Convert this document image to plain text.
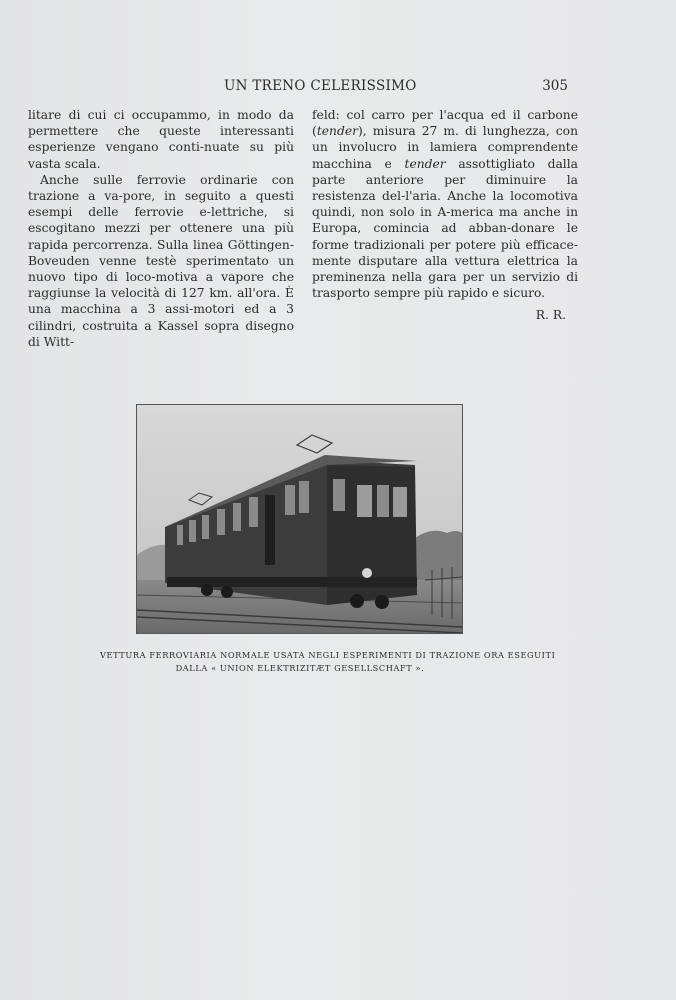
UN TRENO CELERISSIMO	305

litare di cui ci occupammo, in modo da permettere che queste interessanti esperienze vengano conti-nuate su più vasta scala.

Anche sulle ferrovie ordinarie con trazione a va-pore, in seguito a questi esempi delle ferrovie e-lettriche, si escogitano mezzi per ottenere una più rapida percorrenza. Sulla linea Göttingen-Boveuden venne testè sperimentato un nuovo tipo di loco-motiva a vapore che raggiunse la velocità di 127 km. all'ora. È una macchina a 3 assi-motori ed a 3 cilindri, costruita a Kassel sopra disegno di Witt-

feld: col carro per l'acqua ed il carbone (tender), misura 27 m. di lunghezza, con un involucro in lamiera comprendente macchina e tender assottigliato dalla parte anteriore per diminuire la resistenza del-l'aria. Anche la locomotiva quindi, non solo in A-merica ma anche in Europa, comincia ad abban-donare le forme tradizionali per potere più efficace-mente disputare alla vettura elettrica la preminenza nella gara per un servizio di trasporto sempre più rapido e sicuro.

R. R.
VETTURA FERROVIARIA NORMALE USATA NEGLI ESPERIMENTI DI TRAZIONE ORA ESEGUITI
DALLA « UNION ELEKTRIZITÆT GESELLSCHAFT ».
